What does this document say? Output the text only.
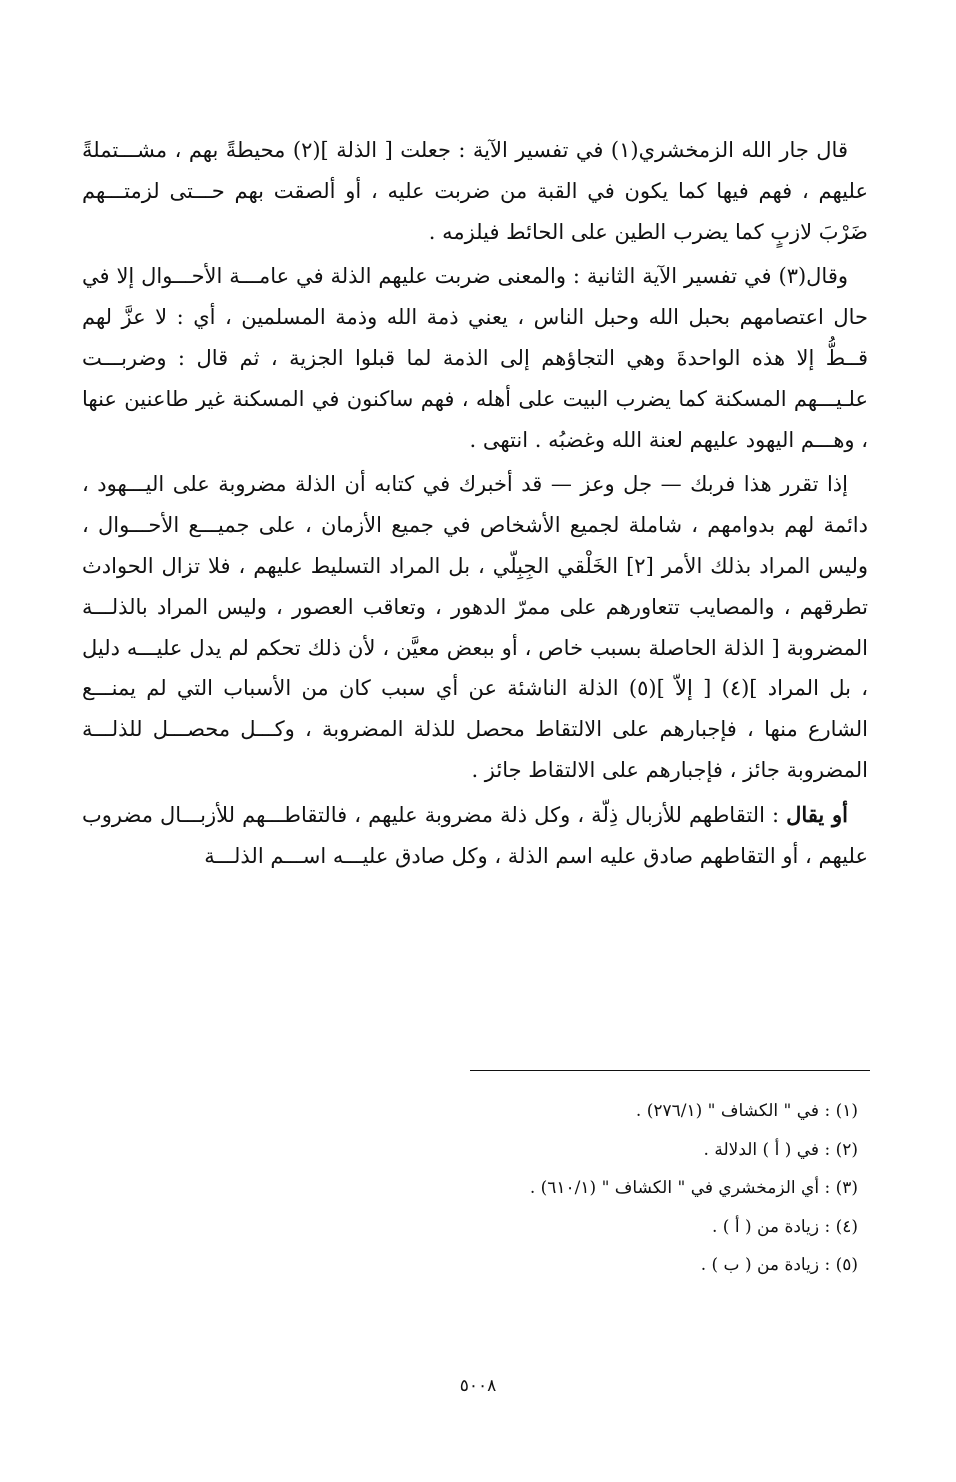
قال جار الله الزمخشري(١) في تفسير الآية : جعلت [ الذلة ](٢) محيطةً بهم ، مشـــتملةً عليهم ، فهم فيها كما يكون في القبة من ضربت عليه ، أو ألصقت بهم حـــتى لزمتـــهم ضَرْبَ لازبٍ كما يضرب الطين على الحائط فيلزمه .

وقال(٣) في تفسير الآية الثانية : والمعنى ضربت عليهم الذلة في عامـــة الأحـــوال إلا في حال اعتصامهم بحبل الله وحبل الناس ، يعني ذمة الله وذمة المسلمين ، أي : لا عزَّ لهم قــطُّ إلا هذه الواحدةَ وهي التجاؤهم إلى الذمة لما قبلوا الجزية ، ثم قال : وضربـــت علـيـــهم المسكنة كما يضرب البيت على أهله ، فهم ساكنون في المسكنة غير طاعنين عنها ، وهـــم اليهود عليهم لعنة الله وغضبُه . انتهى .

إذا تقرر هذا فربك — جل وعز — قد أخبرك في كتابه أن الذلة مضروبة على اليـــهود ، دائمة لهم بدوامهم ، شاملة لجميع الأشخاص في جميع الأزمان ، على جميـــع الأحـــوال ، وليس المراد بذلك الأمر [٢] الخَلْقي الجِبِلّي ، بل المراد التسليط عليهم ، فلا تزال الحوادث تطرقهم ، والمصايب تتعاورهم على ممرّ الدهور ، وتعاقب العصور ، وليس المراد بالذلـــة المضروبة [ الذلة الحاصلة بسبب خاص ، أو ببعض معيَّن ، لأن ذلك تحكم لم يدل عليـــه دليل ، بل المراد ](٤) [ إلاّ ](٥) الذلة الناشئة عن أي سبب كان من الأسباب التي لم يمنـــع الشارع منها ، فإجبارهم على الالتقاط محصل للذلة المضروبة ، وكـــل محصـــل للذلـــة المضروبة جائز ، فإجبارهم على الالتقاط جائز .

أو يقال : التقاطهم للأزبال ذِلّة ، وكل ذلة مضروبة عليهم ، فالتقاطـــهم للأزبـــال مضروب عليهم ، أو التقاطهم صادق عليه اسم الذلة ، وكل صادق عليـــه اســـم الذلـــة

(١) : في " الكشاف " (٢٧٦/١) .

(٢) : في ( أ ) الدلالة .

(٣) : أي الزمخشري في " الكشاف " (٦١٠/١) .

(٤) : زيادة من ( أ ) .

(٥) : زيادة من ( ب ) .

٥٠٠٨
